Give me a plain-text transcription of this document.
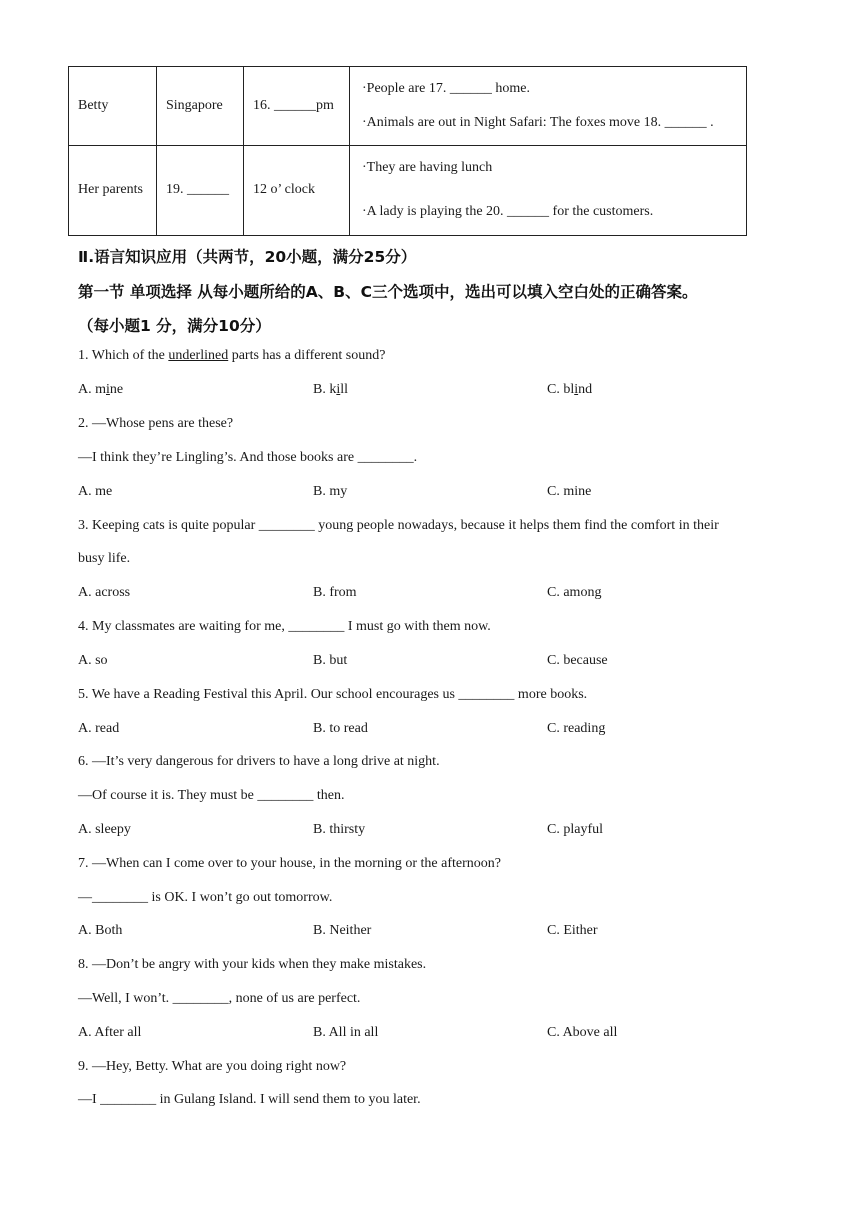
Betty	Singapore	16. ______pm	·People are 17. ______ home.
·Animals are out in Night Safari: The foxes move 18. ______ .

Her parents	19. ______	12 o’ clock	·They are having lunch
·A lady is playing the 20. ______ for the customers.
Ⅱ.语言知识应用（共两节，20小题，满分25分）
第一节 单项选择 从每小题所给的A、B、C三个选项中，选出可以填入空白处的正确答案。
（每小题1 分，满分10分）
1. Which of the underlined parts has a different sound?
A. mine	B. kill	C. blind
2. —Whose pens are these?
—I think they’re Lingling’s. And those books are ________.
A. me	B. my	C. mine
3. Keeping cats is quite popular ________ young people nowadays, because it helps them find the comfort in their
busy life.
A. across	B. from	C. among
4. My classmates are waiting for me, ________ I must go with them now.
A. so	B. but	C. because
5. We have a Reading Festival this April. Our school encourages us ________ more books.
A. read	B. to read	C. reading
6. —It’s very dangerous for drivers to have a long drive at night.
—Of course it is. They must be ________ then.
A. sleepy	B. thirsty	C. playful
7. —When can I come over to your house, in the morning or the afternoon?
—________ is OK. I won’t go out tomorrow.
A. Both	B. Neither	C. Either
8. —Don’t be angry with your kids when they make mistakes.
—Well, I won’t. ________, none of us are perfect.
A. After all	B. All in all	C. Above all
9. —Hey, Betty. What are you doing right now?
—I ________ in Gulang Island. I will send them to you later.
